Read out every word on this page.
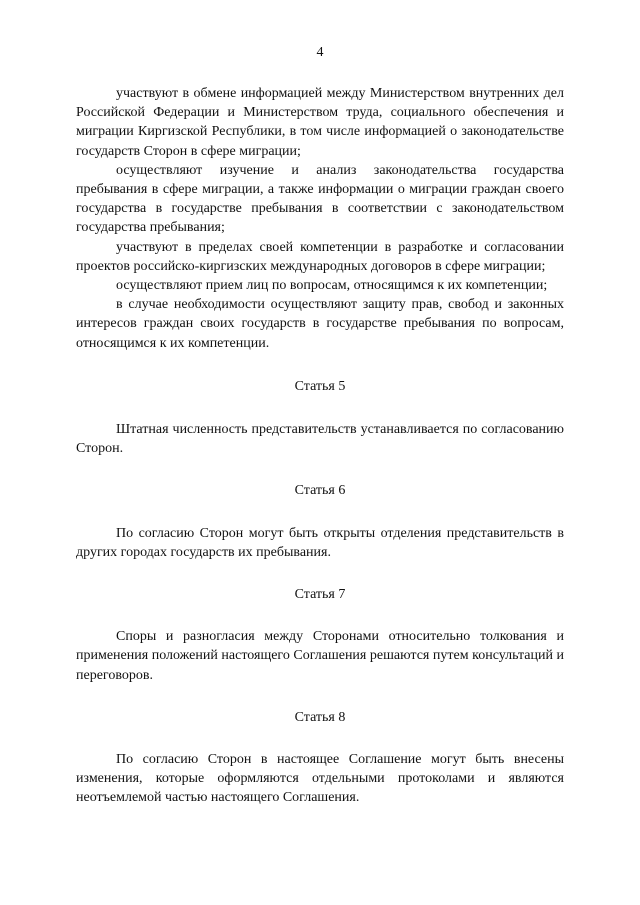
4

участвуют в обмене информацией между Министерством внутренних дел Российской Федерации и Министерством труда, социального обеспечения и миграции Киргизской Республики, в том числе информацией о законодательстве государств Сторон в сфере миграции;

осуществляют изучение и анализ законодательства государства пребывания в сфере миграции, а также информации о миграции граждан своего государства в государстве пребывания в соответствии с законодательством государства пребывания;

участвуют в пределах своей компетенции в разработке и согласовании проектов российско-киргизских международных договоров в сфере миграции;

осуществляют прием лиц по вопросам, относящимся к их компетенции;

в случае необходимости осуществляют защиту прав, свобод и законных интересов граждан своих государств в государстве пребывания по вопросам, относящимся к их компетенции.

Статья 5

Штатная численность представительств устанавливается по согласованию Сторон.

Статья 6

По согласию Сторон могут быть открыты отделения представительств в других городах государств их пребывания.

Статья 7

Споры и разногласия между Сторонами относительно толкования и применения положений настоящего Соглашения решаются путем консультаций и переговоров.

Статья 8

По согласию Сторон в настоящее Соглашение могут быть внесены изменения, которые оформляются отдельными протоколами и являются неотъемлемой частью настоящего Соглашения.
